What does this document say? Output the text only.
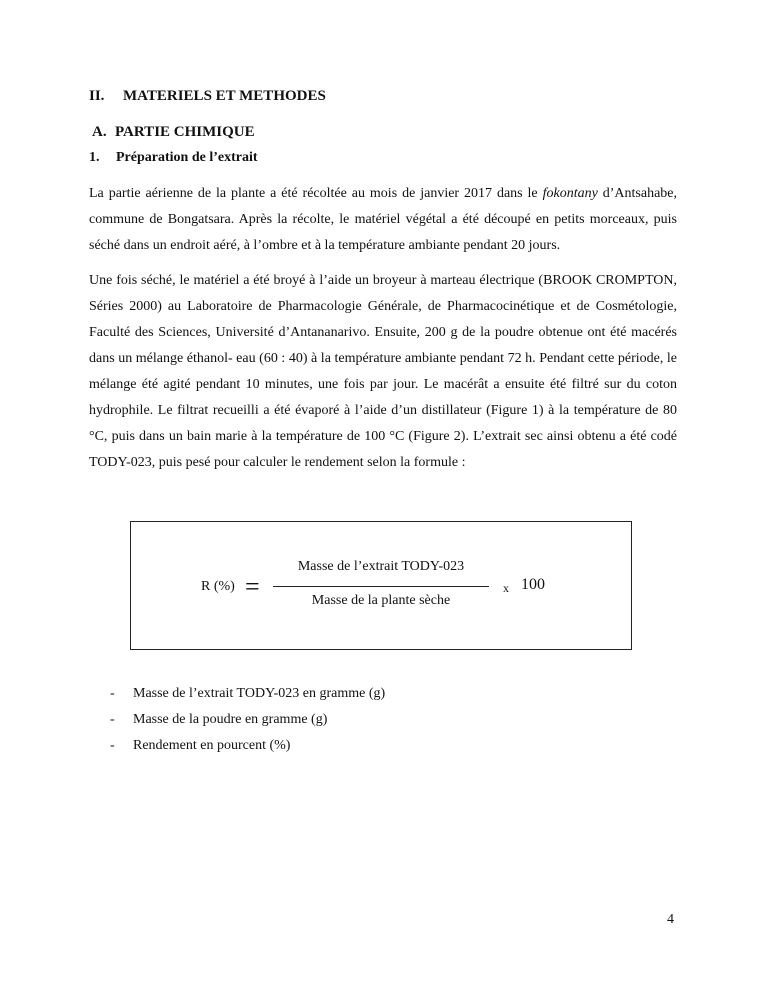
II. MATERIELS ET METHODES
A. PARTIE CHIMIQUE
1. Préparation de l’extrait

La partie aérienne de la plante a été récoltée au mois de janvier 2017 dans le fokontany d’Antsahabe, commune de Bongatsara. Après la récolte, le matériel végétal a été découpé en petits morceaux, puis séché dans un endroit aéré, à l’ombre et à la température ambiante pendant 20 jours.

Une fois séché, le matériel a été broyé à l’aide un broyeur à marteau électrique (BROOK CROMPTON, Séries 2000) au Laboratoire de Pharmacologie Générale, de Pharmacocinétique et de Cosmétologie, Faculté des Sciences, Université d’Antananarivo. Ensuite, 200 g de la poudre obtenue ont été macérés dans un mélange éthanol- eau (60 : 40) à la température ambiante pendant 72 h. Pendant cette période, le mélange été agité pendant 10 minutes, une fois par jour. Le macérât a ensuite été filtré sur du coton hydrophile. Le filtrat recueilli a été évaporé à l’aide d’un distillateur (Figure 1) à la température de 80 °C, puis dans un bain marie à la température de 100 °C (Figure 2). L’extrait sec ainsi obtenu a été codé TODY-023, puis pesé pour calculer le rendement selon la formule :

R (%) =
Masse de l’extrait TODY-023
Masse de la plante sèche
x 100
- Masse de l’extrait TODY-023 en gramme (g)
- Masse de la poudre en gramme (g)
- Rendement en pourcent (%)
4
